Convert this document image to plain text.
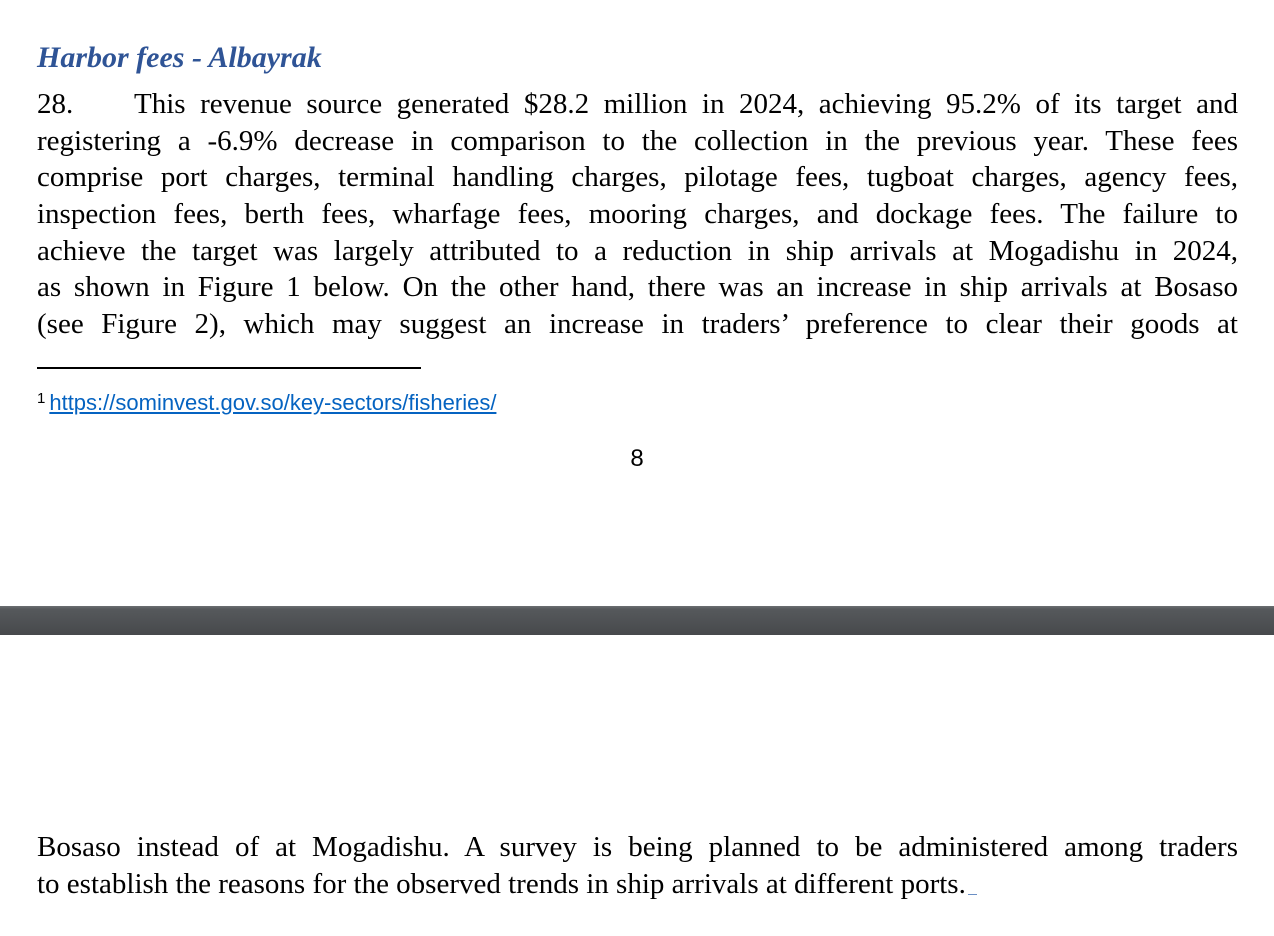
Harbor fees - Albayrak
28.	This revenue source generated $28.2 million in 2024, achieving 95.2% of its target and
registering a -6.9% decrease in comparison to the collection in the previous year. These fees
comprise port charges, terminal handling charges, pilotage fees, tugboat charges, agency fees,
inspection fees, berth fees, wharfage fees, mooring charges, and dockage fees. The failure to
achieve the target was largely attributed to a reduction in ship arrivals at Mogadishu in 2024,
as shown in Figure 1 below. On the other hand, there was an increase in ship arrivals at Bosaso
(see Figure 2), which may suggest an increase in traders’ preference to clear their goods at
$^1$ https://sominvest.gov.so/key-sectors/fisheries/
8
Bosaso instead of at Mogadishu. A survey is being planned to be administered among traders
to establish the reasons for the observed trends in ship arrivals at different ports.
